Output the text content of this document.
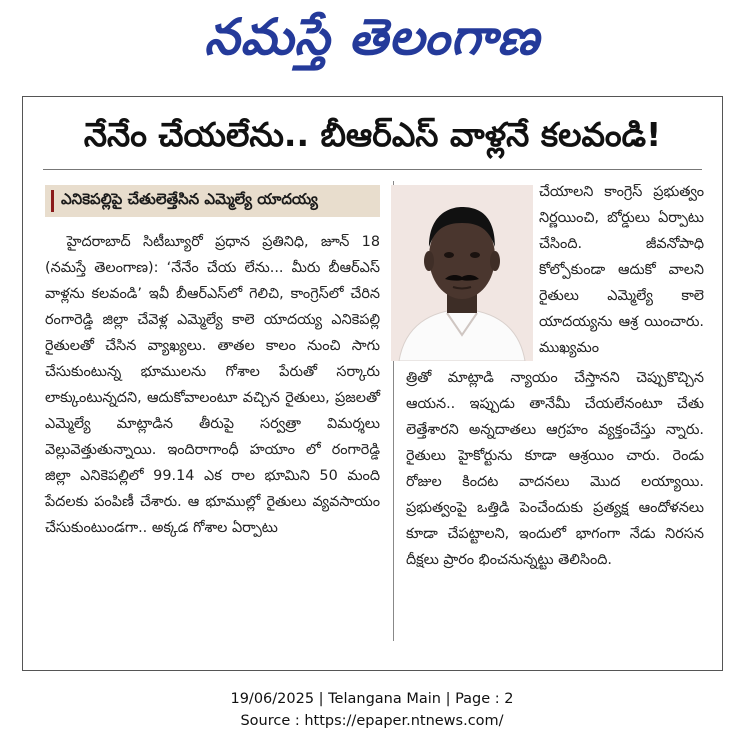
నమస్తే తెలంగాణ
నేనేం చేయలేను.. బీఆర్‌ఎస్ వాళ్లనే కలవండి!
ఎనికెపల్లిపై చేతులెత్తేసిన ఎమ్మెల్యే యాదయ్య

హైదరాబాద్ సిటీబ్యూరో ప్రధాన ప్రతినిధి, జూన్ 18 (నమస్తే తెలంగాణ): ‘నేనేం చేయ లేను... మీరు బీఆర్‌ఎస్ వాళ్లను కలవండి’ ఇవీ బీఆర్‌ఎస్‌లో గెలిచి, కాంగ్రెస్‌లో చేరిన రంగారెడ్డి జిల్లా చేవెళ్ల ఎమ్మెల్యే కాలె యాదయ్య ఎనికెపల్లి రైతులతో చేసిన వ్యాఖ్యలు. తాతల కాలం నుంచి సాగు చేసుకుంటున్న భూములను గోశాల పేరుతో సర్కారు లాక్కుంటున్నదని, ఆదుకోవాలంటూ వచ్చిన రైతులు, ప్రజలతో ఎమ్మెల్యే మాట్లాడిన తీరుపై సర్వత్రా విమర్శలు వెల్లువెత్తుతున్నాయి. ఇందిరాగాంధీ హయాం లో రంగారెడ్డి జిల్లా ఎనికెపల్లిలో 99.14 ఎక రాల భూమిని 50 మంది పేదలకు పంపిణీ చేశారు. ఆ భూముల్లో రైతులు వ్యవసాయం చేసుకుంటుండగా.. అక్కడ గోశాల ఏర్పాటు

చేయాలని కాంగ్రెస్ ప్రభుత్వం నిర్ణయించి, బోర్డులు ఏర్పాటు చేసింది. జీవనోపాధి కోల్పోకుండా ఆదుకో వాలని రైతులు ఎమ్మెల్యే కాలె యాదయ్యను ఆశ్ర యించారు. ముఖ్యమం

త్రితో మాట్లాడి న్యాయం చేస్తానని చెప్పుకొచ్చిన ఆయన.. ఇప్పుడు తానేమీ చేయలేనంటూ చేతు లెత్తేశారని అన్నదాతలు ఆగ్రహం వ్యక్తంచేస్తు న్నారు. రైతులు హైకోర్టును కూడా ఆశ్రయిం చారు. రెండు రోజుల కిందట వాదనలు మొద లయ్యాయి. ప్రభుత్వంపై ఒత్తిడి పెంచేందుకు ప్రత్యక్ష ఆందోళనలు కూడా చేపట్టాలని, ఇందులో భాగంగా నేడు నిరసన దీక్షలు ప్రారం భించనున్నట్టు తెలిసింది.

19/06/2025 | Telangana Main | Page : 2
Source : https://epaper.ntnews.com/
